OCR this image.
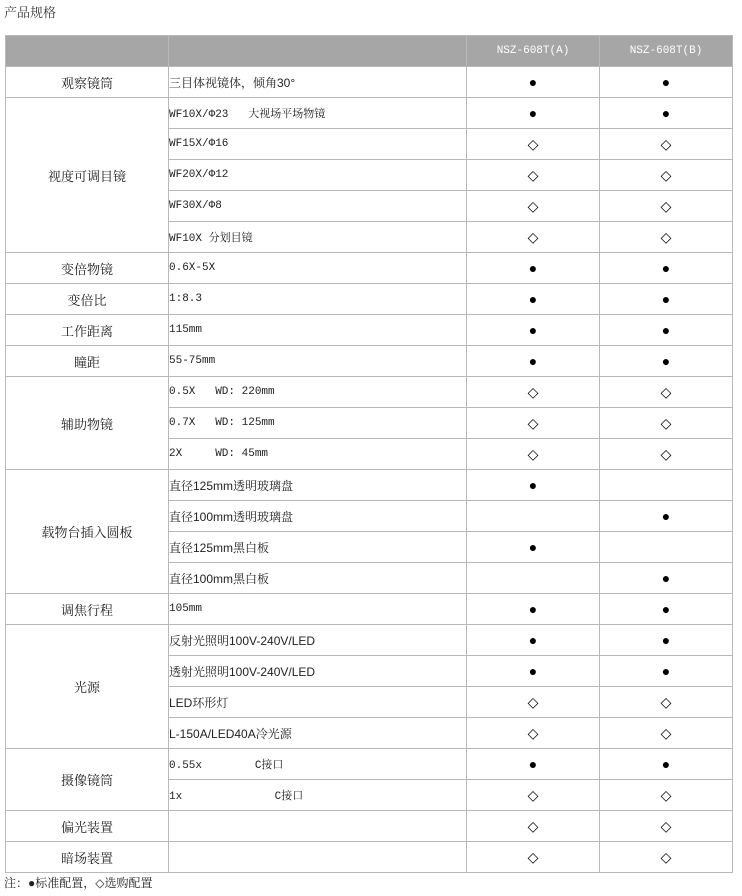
产品规格
		NSZ-608T(A)	NSZ-608T(B)
观察镜筒	三目体视镜体，倾角30°	●	●
视度可调目镜	WF10X/Φ23   大视场平场物镜	●	●
	WF15X/Φ16	◇	◇
	WF20X/Φ12	◇	◇
	WF30X/Φ8	◇	◇
	WF10X 分划目镜	◇	◇
变倍物镜	0.6X-5X	●	●
变倍比	1:8.3	●	●
工作距离	115mm	●	●
瞳距	55-75mm	●	●
辅助物镜	0.5X   WD: 220mm	◇	◇
	0.7X   WD: 125mm	◇	◇
	2X     WD: 45mm	◇	◇
载物台插入圆板	直径125mm透明玻璃盘	●	
	直径100mm透明玻璃盘		●
	直径125mm黑白板	●	
	直径100mm黑白板		●
调焦行程	105mm	●	●
光源	反射光照明100V-240V/LED	●	●
	透射光照明100V-240V/LED	●	●
	LED环形灯	◇	◇
	L-150A/LED40A冷光源	◇	◇
摄像镜筒	0.55x        C接口	●	●
	1x              C接口	◇	◇
偏光装置		◇	◇
暗场装置		◇	◇
注：●标准配置，◇选购配置
